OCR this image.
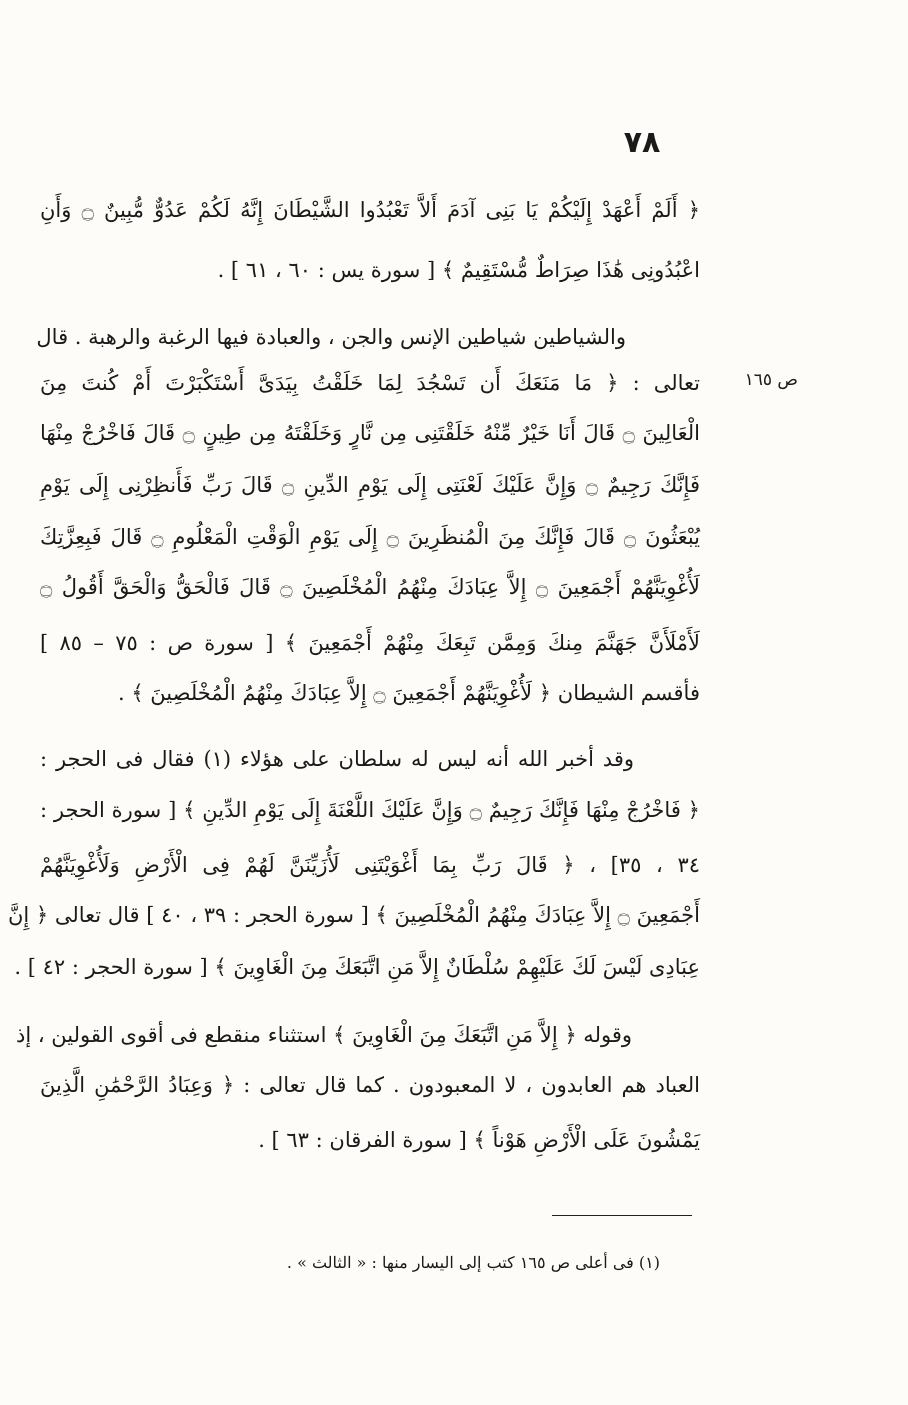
٧٨
﴿ أَلَمْ أَعْهَدْ إِلَيْكُمْ يَا بَنِى آدَمَ أَلاَّ تَعْبُدُوا الشَّيْطَانَ إِنَّهُ لَكُمْ عَدُوٌّ مُّبِينٌ ۝ وَأَنِ
اعْبُدُونِى هَٰذَا صِرَاطٌ مُّسْتَقِيمٌ ﴾ [ سورة يس : ٦٠ ، ٦١ ] .
والشياطين شياطين الإنس والجن ، والعبادة فيها الرغبة والرهبة . قال
تعالى : ﴿ مَا مَنَعَكَ أَن تَسْجُدَ لِمَا خَلَقْتُ بِيَدَىَّ أَسْتَكْبَرْتَ أَمْ كُنتَ مِنَ
الْعَالِينَ ۝ قَالَ أَنَا خَيْرٌ مِّنْهُ خَلَقْتَنِى مِن نَّارٍ وَخَلَقْتَهُ مِن طِينٍ ۝ قَالَ فَاخْرُجْ مِنْهَا
فَإِنَّكَ رَجِيمٌ ۝ وَإِنَّ عَلَيْكَ لَعْنَتِى إِلَى يَوْمِ الدِّينِ ۝ قَالَ رَبِّ فَأَنظِرْنِى إِلَى يَوْمِ
يُبْعَثُونَ ۝ قَالَ فَإِنَّكَ مِنَ الْمُنظَرِينَ ۝ إِلَى يَوْمِ الْوَقْتِ الْمَعْلُومِ ۝ قَالَ فَبِعِزَّتِكَ
لَأُغْوِيَنَّهُمْ أَجْمَعِينَ ۝ إِلاَّ عِبَادَكَ مِنْهُمُ الْمُخْلَصِينَ ۝ قَالَ فَالْحَقُّ وَالْحَقَّ أَقُولُ ۝
لَأَمْلَأَنَّ جَهَنَّمَ مِنكَ وَمِمَّن تَبِعَكَ مِنْهُمْ أَجْمَعِينَ ﴾ [ سورة ص : ٧٥ – ٨٥ ]
فأقسم الشيطان ﴿ لَأُغْوِيَنَّهُمْ أَجْمَعِينَ ۝ إِلاَّ عِبَادَكَ مِنْهُمُ الْمُخْلَصِينَ ﴾ .
وقد أخبر الله أنه ليس له سلطان على هؤلاء (١) فقال فى الحجر :
﴿ فَاخْرُجْ مِنْهَا فَإِنَّكَ رَجِيمٌ ۝ وَإِنَّ عَلَيْكَ اللَّعْنَةَ إِلَى يَوْمِ الدِّينِ ﴾ [ سورة الحجر :
٣٤ ، ٣٥] ، ﴿ قَالَ رَبِّ بِمَا أَغْوَيْتَنِى لَأُزَيِّنَنَّ لَهُمْ فِى الْأَرْضِ وَلَأُغْوِيَنَّهُمْ
أَجْمَعِينَ ۝ إِلاَّ عِبَادَكَ مِنْهُمُ الْمُخْلَصِينَ ﴾ [ سورة الحجر : ٣٩ ، ٤٠ ] قال تعالى ﴿ إِنَّ
عِبَادِى لَيْسَ لَكَ عَلَيْهِمْ سُلْطَانٌ إِلاَّ مَنِ اتَّبَعَكَ مِنَ الْغَاوِينَ ﴾ [ سورة الحجر : ٤٢ ] .
وقوله ﴿ إِلاَّ مَنِ اتَّبَعَكَ مِنَ الْغَاوِينَ ﴾ استثناء منقطع فى أقوى القولين ، إذ
العباد هم العابدون ، لا المعبودون . كما قال تعالى : ﴿ وَعِبَادُ الرَّحْمَٰنِ الَّذِينَ
يَمْشُونَ عَلَى الْأَرْضِ هَوْناً ﴾ [ سورة الفرقان : ٦٣ ] .
ص ١٦٥
(١) فى أعلى ص ١٦٥ كتب إلى اليسار منها : « الثالث » .
